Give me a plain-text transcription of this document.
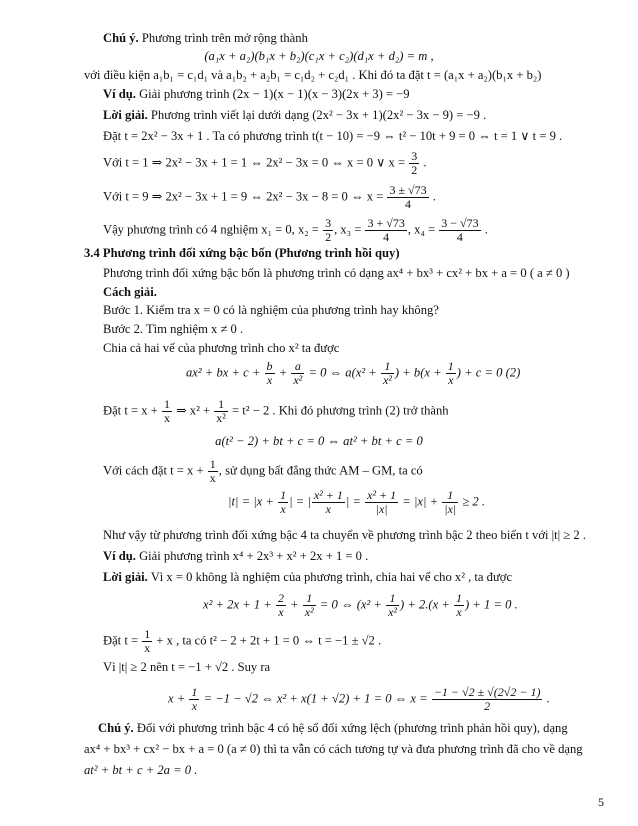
Chú ý. Phương trình trên mở rộng thành
(a₁x + a₂)(b₁x + b₂)(c₁x + c₂)(d₁x + d₂) = m ,
với điều kiện a₁b₁ = c₁d₁ và a₁b₂ + a₂b₁ = c₁d₂ + c₂d₁ . Khi đó ta đặt t = (a₁x + a₂)(b₁x + b₂)
Ví dụ. Giải phương trình (2x − 1)(x − 1)(x − 3)(2x + 3) = −9
Lời giải. Phương trình viết lại dưới dạng (2x² − 3x + 1)(2x² − 3x − 9) = −9 .
Đặt t = 2x² − 3x + 1 . Ta có phương trình t(t − 10) = −9 ⇔ t² − 10t + 9 = 0 ⇔ t = 1 ∨ t = 9 .
Với t = 1 ⇒ 2x² − 3x + 1 = 1 ⇔ 2x² − 3x = 0 ⇔ x = 0 ∨ $x = \frac{3}{2}$ .
Với t = 9 ⇒ 2x² − 3x + 1 = 9 ⇔ 2x² − 3x − 8 = 0 ⇔ $x = \frac{3 \pm √73}{4}$ .
Vậy phương trình có 4 nghiệm x₁ = 0, $x_2 = \frac{3}{2}$ , $x_3 = \frac{3 + √73}{4}$ , $x_4 = \frac{3 - √73}{4}$ .
3.4 Phương trình đối xứng bậc bốn (Phương trình hồi quy)
Phương trình đối xứng bậc bốn là phương trình có dạng ax⁴ + bx³ + cx² + bx + a = 0 ( a ≠ 0 )
Cách giải.
Bước 1. Kiểm tra x = 0 có là nghiệm của phương trình hay không?
Bước 2. Tìm nghiệm x ≠ 0 .
Chia cả hai vế của phương trình cho x² ta được
ax² + bx + $c + \frac{b}{x} + \frac{a}{\text{x²}} = 0$ ⇔ $a(x^2 + \frac{1}{\text{x²}}$ ) + $b(x + \frac{1}{x}$ ) + c = 0 (2)
Đặt $t = x + \frac{1}{x}$ ⇒ $x^2 + \frac{1}{\text{x²}} = t^2 - 2$ . Khi đó phương trình (2) trở thành
a(t² − 2) + bt + c = 0 ⇔ at² + bt + c = 0
Với cách đặt $t = x + \frac{1}{x}$ , sử dụng bất đẳng thức AM – GM, ta có
$|t| = |x + \frac{1}{x}$ | = | $\frac{\text{x² + 1}}{x}$ | = $\frac{\text{x² + 1}}{|x|} = |x| + \frac{1}{|x|} \ge 2$ .
Như vậy từ phương trình đối xứng bậc 4 ta chuyển về phương trình bậc 2 theo biến t với |t| ≥ 2 .
Ví dụ. Giải phương trình x⁴ + 2x³ + x² + 2x + 1 = 0 .
Lời giải. Vì x = 0 không là nghiệm của phương trình, chia hai vế cho x² , ta được
$x^2 + 2x + 1 + \frac{2}{x} + \frac{1}{\text{x²}} = 0$ ⇔ ($x^2 + \frac{1}{\text{x²}}$ ) + $2.(x + \frac{1}{x}$ ) + 1 = 0 .
Đặt $t = \frac{1}{x} + x$ , ta có t² − 2 + 2t + 1 = 0 ⇔ t = −1 ± √2 .
Vì |t| ≥ 2 nên t = −1 + √2 . Suy ra
$x + \frac{1}{x} = -1 - √2$ ⇔ x² + x(1 + √2) + 1 = 0 ⇔ $x = \frac{-1 - √2 \pm √(2√2 - 1)}{2}$ .
Chú ý. Đối với phương trình bậc 4 có hệ số đối xứng lệch (phương trình phản hồi quy), dạng
ax⁴ + bx³ + cx² − bx + a = 0 (a ≠ 0) thì ta vẫn có cách tương tự và đưa phương trình đã cho về dạng
at² + bt + c + 2a = 0 .
5
